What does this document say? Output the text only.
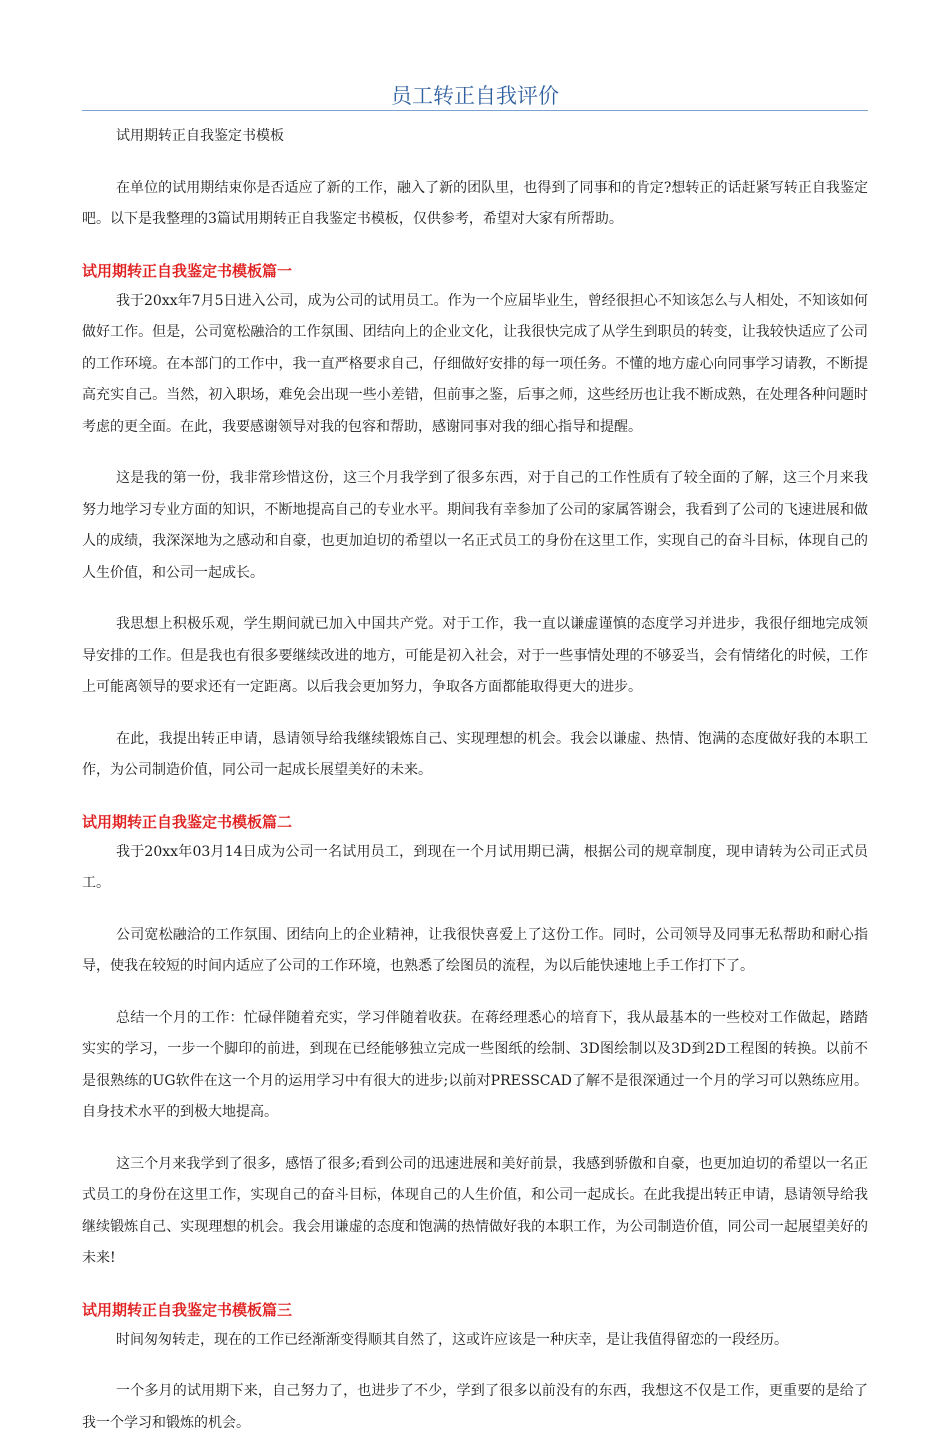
员工转正自我评价

试用期转正自我鉴定书模板

在单位的试用期结束你是否适应了新的工作，融入了新的团队里，也得到了同事和的肯定?想转正的话赶紧写转正自我鉴定吧。以下是我整理的3篇试用期转正自我鉴定书模板，仅供参考，希望对大家有所帮助。

试用期转正自我鉴定书模板篇一

我于20xx年7月5日进入公司，成为公司的试用员工。作为一个应届毕业生，曾经很担心不知该怎么与人相处，不知该如何做好工作。但是，公司宽松融洽的工作氛围、团结向上的企业文化，让我很快完成了从学生到职员的转变，让我较快适应了公司的工作环境。在本部门的工作中，我一直严格要求自己，仔细做好安排的每一项任务。不懂的地方虚心向同事学习请教，不断提高充实自己。当然，初入职场，难免会出现一些小差错，但前事之鉴，后事之师，这些经历也让我不断成熟，在处理各种问题时考虑的更全面。在此，我要感谢领导对我的包容和帮助，感谢同事对我的细心指导和提醒。

这是我的第一份，我非常珍惜这份，这三个月我学到了很多东西，对于自己的工作性质有了较全面的了解，这三个月来我努力地学习专业方面的知识，不断地提高自己的专业水平。期间我有幸参加了公司的家属答谢会，我看到了公司的飞速进展和做人的成绩，我深深地为之感动和自豪，也更加迫切的希望以一名正式员工的身份在这里工作，实现自己的奋斗目标，体现自己的人生价值，和公司一起成长。

我思想上积极乐观，学生期间就已加入中国共产党。对于工作，我一直以谦虚谨慎的态度学习并进步，我很仔细地完成领导安排的工作。但是我也有很多要继续改进的地方，可能是初入社会，对于一些事情处理的不够妥当，会有情绪化的时候，工作上可能离领导的要求还有一定距离。以后我会更加努力，争取各方面都能取得更大的进步。

在此，我提出转正申请，恳请领导给我继续锻炼自己、实现理想的机会。我会以谦虚、热情、饱满的态度做好我的本职工作，为公司制造价值，同公司一起成长展望美好的未来。

试用期转正自我鉴定书模板篇二

我于20xx年03月14日成为公司一名试用员工，到现在一个月试用期已满，根据公司的规章制度，现申请转为公司正式员工。

公司宽松融洽的工作氛围、团结向上的企业精神，让我很快喜爱上了这份工作。同时，公司领导及同事无私帮助和耐心指导，使我在较短的时间内适应了公司的工作环境，也熟悉了绘图员的流程，为以后能快速地上手工作打下了。

总结一个月的工作：忙碌伴随着充实，学习伴随着收获。在蒋经理悉心的培育下，我从最基本的一些校对工作做起，踏踏实实的学习，一步一个脚印的前进，到现在已经能够独立完成一些图纸的绘制、3D图绘制以及3D到2D工程图的转换。以前不是很熟练的UG软件在这一个月的运用学习中有很大的进步;以前对PRESSCAD了解不是很深通过一个月的学习可以熟练应用。自身技术水平的到极大地提高。

这三个月来我学到了很多，感悟了很多;看到公司的迅速进展和美好前景，我感到骄傲和自豪，也更加迫切的希望以一名正式员工的身份在这里工作，实现自己的奋斗目标，体现自己的人生价值，和公司一起成长。在此我提出转正申请，恳请领导给我继续锻炼自己、实现理想的机会。我会用谦虚的态度和饱满的热情做好我的本职工作，为公司制造价值，同公司一起展望美好的未来!

试用期转正自我鉴定书模板篇三

时间匆匆转走，现在的工作已经渐渐变得顺其自然了，这或许应该是一种庆幸，是让我值得留恋的一段经历。

一个多月的试用期下来，自己努力了，也进步了不少，学到了很多以前没有的东西，我想这不仅是工作，更重要的是给了我一个学习和锻炼的机会。
